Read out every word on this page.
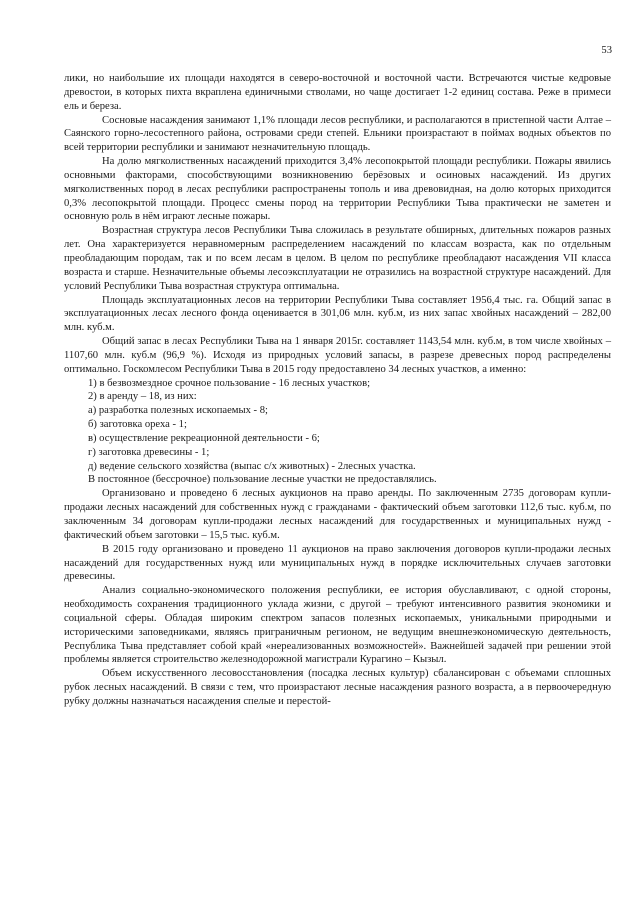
53

лики, но наибольшие их площади находятся в северо-восточной и восточной части. Встречаются чистые кедровые древостои, в которых пихта вкраплена единичными стволами, но чаще достигает 1-2 единиц состава. Реже в примеси ель и береза.

Сосновые насаждения занимают 1,1% площади лесов республики, и располагаются в пристепной части Алтае – Саянского горно-лесостепного района, островами среди степей. Ельники произрастают в поймах водных объектов по всей территории республики и занимают незначительную площадь.

На долю мягколиственных насаждений приходится 3,4% лесопокрытой площади республики. Пожары явились основными факторами, способствующими возникновению берёзовых и осиновых насаждений. Из других мягколиственных пород в лесах республики распространены тополь и ива древовидная, на долю которых приходится 0,3% лесопокрытой площади. Процесс смены пород на территории Республики Тыва практически не заметен и основную роль в нём играют лесные пожары.

Возрастная структура лесов Республики Тыва сложилась в результате обширных, длительных пожаров разных лет. Она характеризуется неравномерным распределением насаждений по классам возраста, как по отдельным преобладающим породам, так и по всем лесам в целом. В целом по республике преобладают насаждения VII класса возраста и старше. Незначительные объемы лесоэксплуатации не отразились на возрастной структуре насаждений. Для условий Республики Тыва возрастная структура оптимальна.

Площадь эксплуатационных лесов на территории Республики Тыва составляет 1956,4 тыс. га. Общий запас в эксплуатационных лесах лесного фонда оценивается в 301,06 млн. куб.м, из них запас хвойных насаждений – 282,00 млн. куб.м.

Общий запас в лесах Республики Тыва на 1 января 2015г. составляет 1143,54 млн. куб.м, в том числе хвойных – 1107,60 млн. куб.м (96,9 %). Исходя из природных условий запасы, в разрезе древесных пород распределены оптимально. Госкомлесом Республики Тыва в 2015 году предоставлено 34 лесных участков, а именно:

1) в безвозмездное срочное пользование - 16 лесных участков;

2) в аренду – 18, из них:

а) разработка полезных ископаемых - 8;

б) заготовка ореха - 1;

в) осуществление рекреационной деятельности - 6;

г) заготовка древесины - 1;

д) ведение сельского хозяйства (выпас с/х животных) - 2лесных участка.

В постоянное (бессрочное) пользование лесные участки не предоставлялись.

Организовано и проведено 6 лесных аукционов на право аренды. По заключенным 2735 договорам купли-продажи лесных насаждений для собственных нужд с гражданами - фактический объем заготовки 112,6 тыс. куб.м, по заключенным 34 договорам купли-продажи лесных насаждений для государственных и муниципальных нужд - фактический объем заготовки – 15,5 тыс. куб.м.

В 2015 году организовано и проведено 11 аукционов на право заключения договоров купли-продажи лесных насаждений для государственных нужд или муниципальных нужд в порядке исключительных случаев заготовки древесины.

Анализ социально-экономического положения республики, ее история обуславливают, с одной стороны, необходимость сохранения традиционного уклада жизни, с другой – требуют интенсивного развития экономики и социальной сферы. Обладая широким спектром запасов полезных ископаемых, уникальными природными и историческими заповедниками, являясь приграничным регионом, не ведущим внешнеэкономическую деятельность, Республика Тыва представляет собой край «нереализованных возможностей». Важнейшей задачей при решении этой проблемы является строительство железнодорожной магистрали Курагино – Кызыл.

Объем искусственного лесовосстановления (посадка лесных культур) сбалансирован с объемами сплошных рубок лесных насаждений. В связи с тем, что произрастают лесные насаждения разного возраста, а в первоочередную рубку должны назначаться насаждения спелые и перестой-
